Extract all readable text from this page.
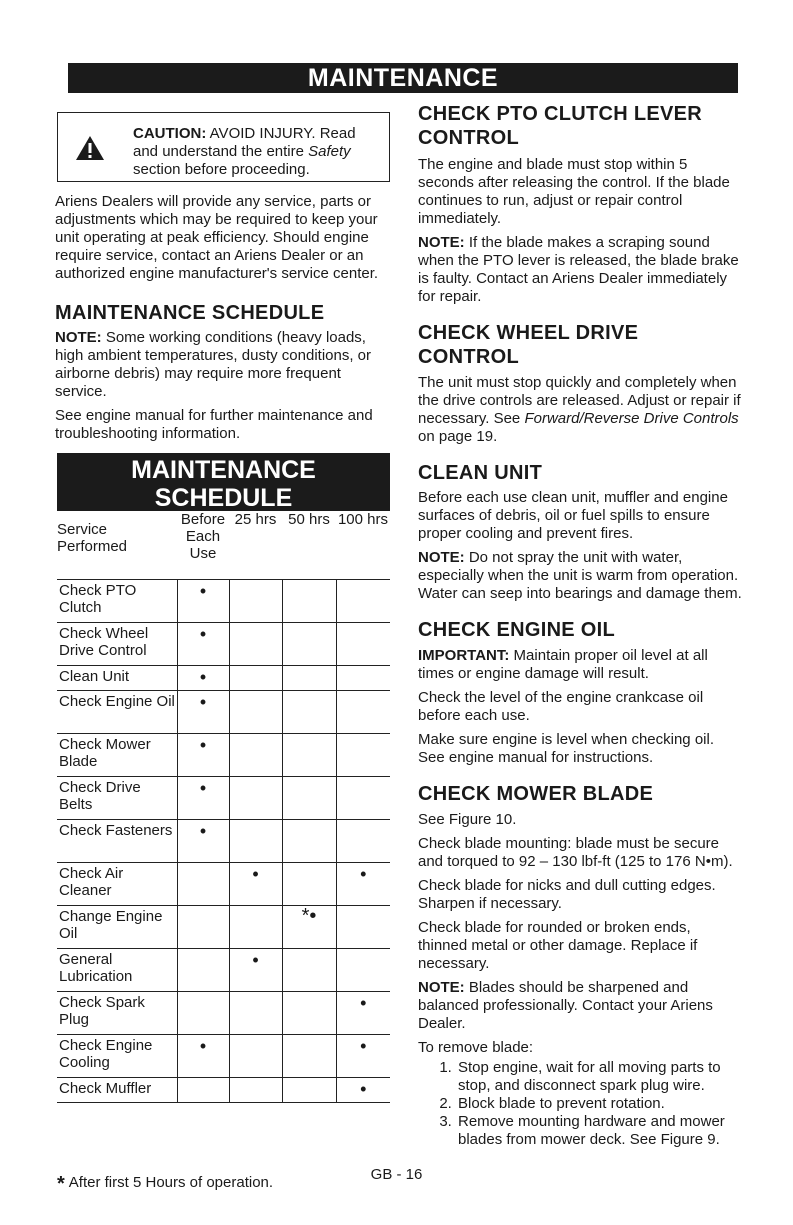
MAINTENANCE
CAUTION: AVOID INJURY. Read and understand the entire Safety section before proceeding.

Ariens Dealers will provide any service, parts or adjustments which may be required to keep your unit operating at peak efficiency. Should engine require service, contact an Ariens Dealer or an authorized engine manufacturer's service center.

MAINTENANCE SCHEDULE

NOTE: Some working conditions (heavy loads, high ambient temperatures, dusty conditions, or airborne debris) may require more frequent service.

See engine manual for further maintenance and troubleshooting information.

MAINTENANCE
SCHEDULE
Service Performed	Before Each Use	25 hrs	50 hrs	100 hrs
Check PTO Clutch	•			
Check Wheel Drive Control	•			
Clean Unit	•			
Check Engine Oil	•			
Check Mower Blade	•			
Check Drive Belts	•			
Check Fasteners	•			
Check Air Cleaner		•		•
Change Engine Oil			*•	
General Lubrication		•		
Check Spark Plug				•
Check Engine Cooling	•			•
Check Muffler				•
* After first 5 Hours of operation.

CHECK PTO CLUTCH LEVER CONTROL

The engine and blade must stop within 5 seconds after releasing the control. If the blade continues to run, adjust or repair control immediately.

NOTE: If the blade makes a scraping sound when the PTO lever is released, the blade brake is faulty. Contact an Ariens Dealer immediately for repair.

CHECK WHEEL DRIVE CONTROL

The unit must stop quickly and completely when the drive controls are released. Adjust or repair if necessary. See Forward/Reverse Drive Controls on page 19.

CLEAN UNIT

Before each use clean unit, muffler and engine surfaces of debris, oil or fuel spills to ensure proper cooling and prevent fires.

NOTE: Do not spray the unit with water, especially when the unit is warm from operation. Water can seep into bearings and damage them.

CHECK ENGINE OIL

IMPORTANT: Maintain proper oil level at all times or engine damage will result.

Check the level of the engine crankcase oil before each use.

Make sure engine is level when checking oil. See engine manual for instructions.

CHECK MOWER BLADE

See Figure 10.

Check blade mounting: blade must be secure and torqued to 92 – 130 lbf-ft (125 to 176 N•m).

Check blade for nicks and dull cutting edges. Sharpen if necessary.

Check blade for rounded or broken ends, thinned metal or other damage. Replace if necessary.

NOTE: Blades should be sharpened and balanced professionally. Contact your Ariens Dealer.

To remove blade:

1. Stop engine, wait for all moving parts to stop, and disconnect spark plug wire.
2. Block blade to prevent rotation.
3. Remove mounting hardware and mower blades from mower deck. See Figure 9.
GB - 16
